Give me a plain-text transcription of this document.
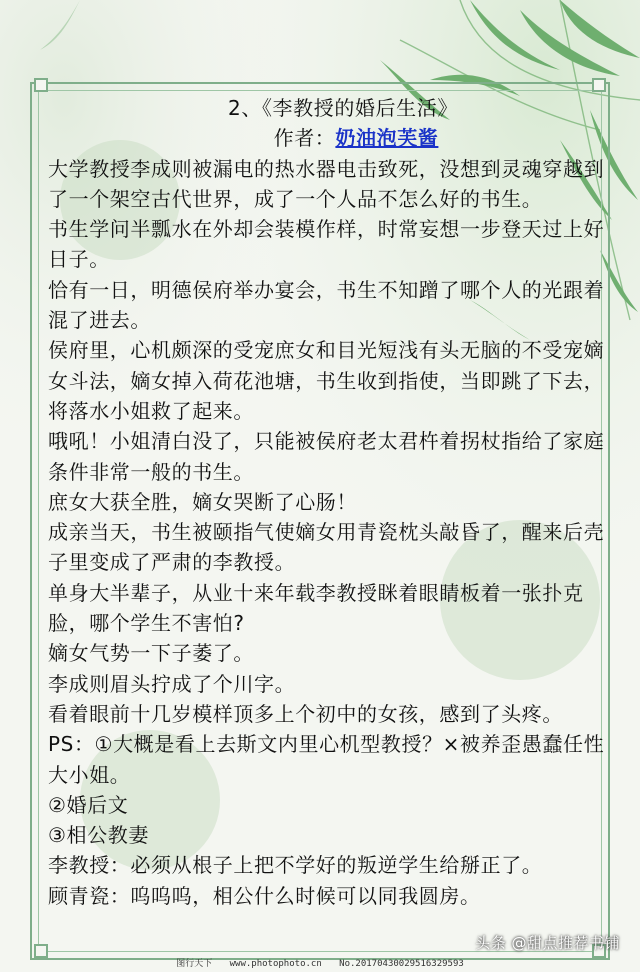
2、《李教授的婚后生活》
作者：奶油泡芙酱

大学教授李成则被漏电的热水器电击致死，没想到灵魂穿越到了一个架空古代世界，成了一个人品不怎么好的书生。

书生学问半瓢水在外却会装模作样，时常妄想一步登天过上好日子。

恰有一日，明德侯府举办宴会，书生不知蹭了哪个人的光跟着混了进去。

侯府里，心机颇深的受宠庶女和目光短浅有头无脑的不受宠嫡女斗法，嫡女掉入荷花池塘，书生收到指使，当即跳了下去，将落水小姐救了起来。

哦吼！小姐清白没了，只能被侯府老太君杵着拐杖指给了家庭条件非常一般的书生。

庶女大获全胜，嫡女哭断了心肠！

成亲当天，书生被颐指气使嫡女用青瓷枕头敲昏了，醒来后壳子里变成了严肃的李教授。

单身大半辈子，从业十来年载李教授眯着眼睛板着一张扑克脸，哪个学生不害怕?

嫡女气势一下子萎了。

李成则眉头拧成了个川字。

看着眼前十几岁模样顶多上个初中的女孩，感到了头疼。

PS：①大概是看上去斯文内里心机型教授？×被养歪愚蠢任性大小姐。

②婚后文

③相公教妻

李教授：必须从根子上把不学好的叛逆学生给掰正了。

顾青瓷：呜呜呜，相公什么时候可以同我圆房。

头条 @甜点推荐书铺
图行天下 www.photophoto.cn No.20170430029516329593
